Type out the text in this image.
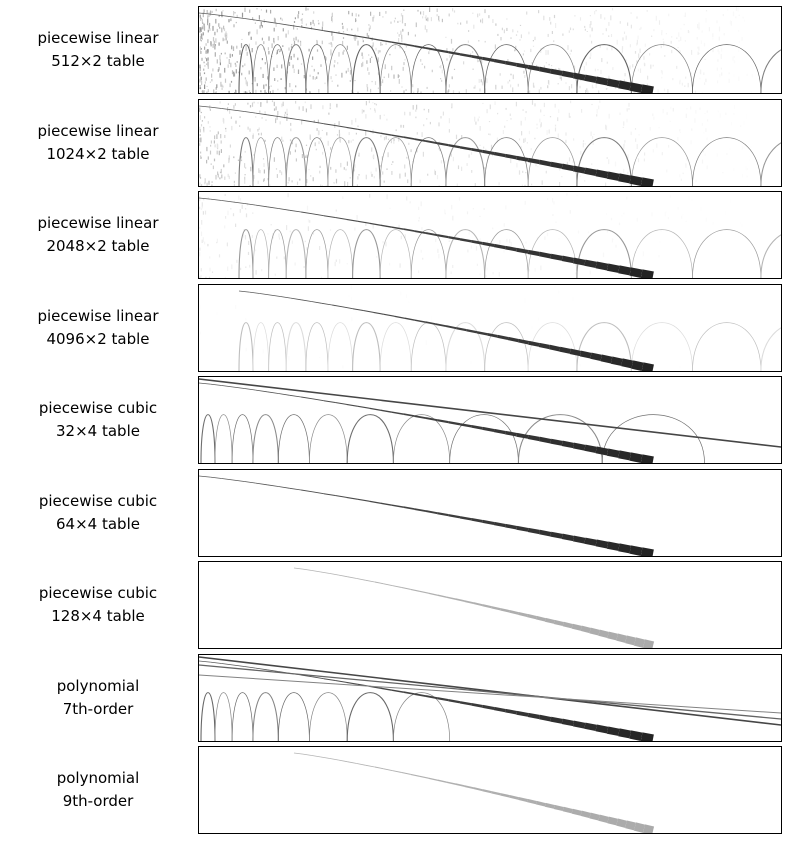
piecewise linear
512×2 table
piecewise linear
1024×2 table
piecewise linear
2048×2 table
piecewise linear
4096×2 table
piecewise cubic
32×4 table
piecewise cubic
64×4 table
piecewise cubic
128×4 table
polynomial
7th-order
polynomial
9th-order
